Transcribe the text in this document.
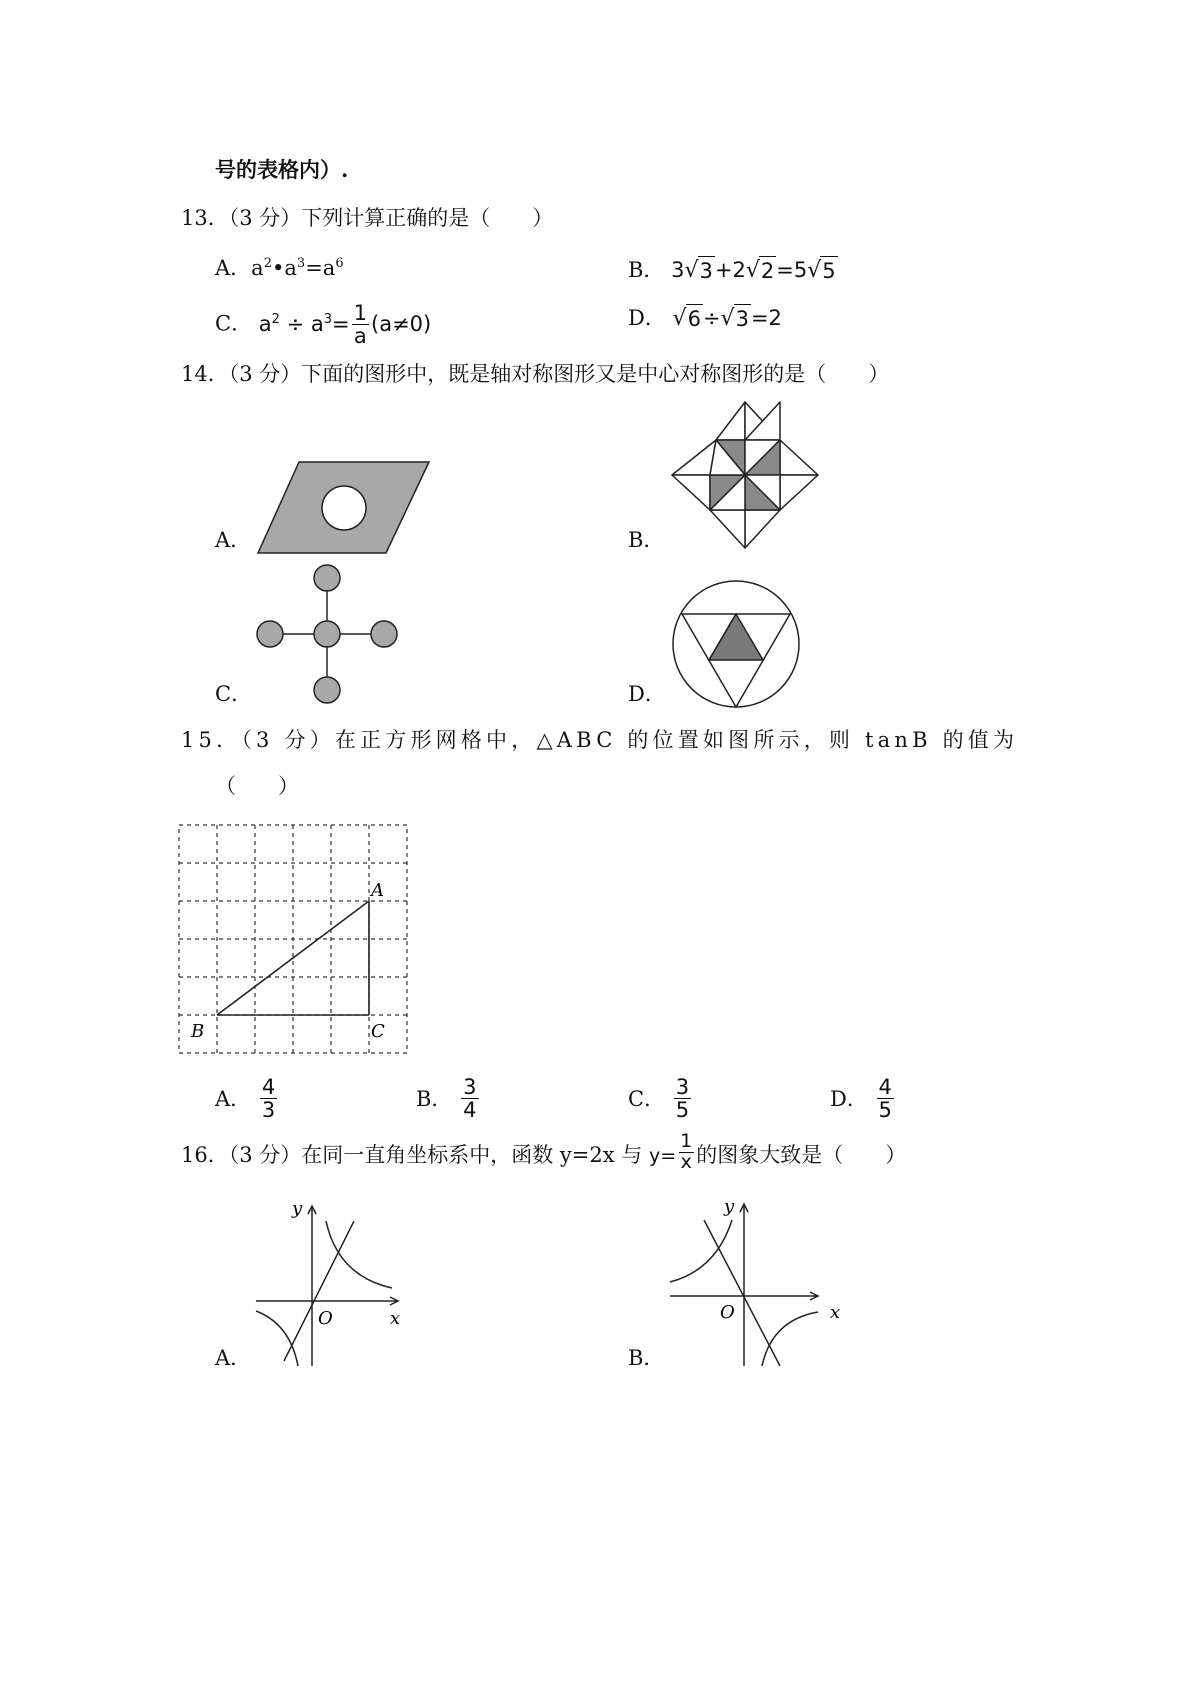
号的表格内）.
13．（3 分）下列计算正确的是（　　）
A．$a^2•a^3=a^6$	B． 3 √ 3 +2 √ 2 =5 √ 5
C． $a^2 \div a^3= \frac{1}{a} (a\ne 0)$	D． √ 6 ÷ √ 3 =2
14．（3 分）下面的图形中，既是轴对称图形又是中心对称图形的是（　　）
A．	B．
C．	D．
15．（3 分）在正方形网格中，△ABC 的位置如图所示，则 tanB 的值为
（　　）
A
B	C
A． $\frac{4}{3}$	B． $\frac{3}{4}$	C． $\frac{3}{5}$	D． $\frac{4}{5}$
16．（3 分）在同一直角坐标系中，函数 y=2x 与 $y= \frac{1}{x}$ 的图象大致是（　　）
A．
y
x
O
B．
y
x
O
